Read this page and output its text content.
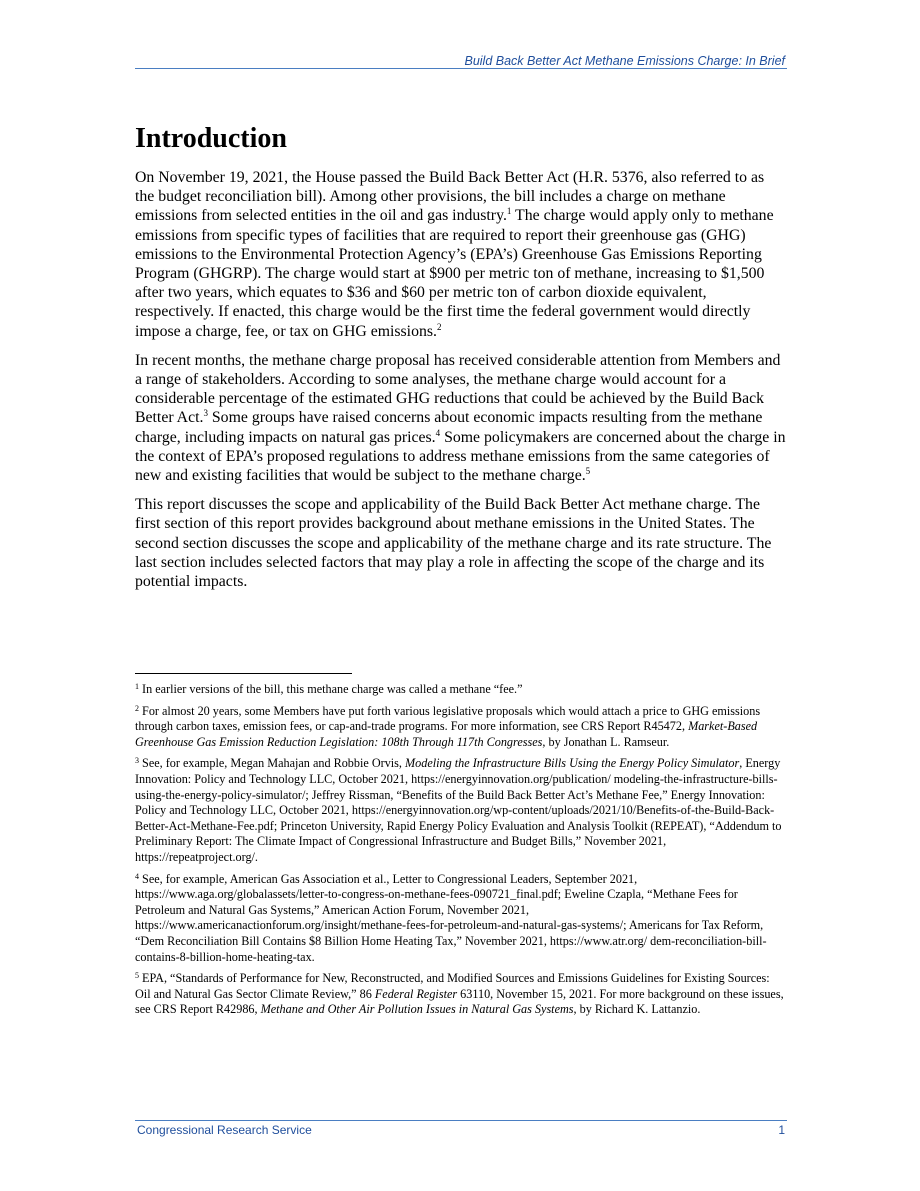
Build Back Better Act Methane Emissions Charge: In Brief
Introduction

On November 19, 2021, the House passed the Build Back Better Act (H.R. 5376, also referred to as the budget reconciliation bill). Among other provisions, the bill includes a charge on methane emissions from selected entities in the oil and gas industry.$^1$ The charge would apply only to methane emissions from specific types of facilities that are required to report their greenhouse gas (GHG) emissions to the Environmental Protection Agency’s (EPA’s) Greenhouse Gas Emissions Reporting Program (GHGRP). The charge would start at $900 per metric ton of methane, increasing to $1,500 after two years, which equates to $36 and $60 per metric ton of carbon dioxide equivalent, respectively. If enacted, this charge would be the first time the federal government would directly impose a charge, fee, or tax on GHG emissions.$^2$

In recent months, the methane charge proposal has received considerable attention from Members and a range of stakeholders. According to some analyses, the methane charge would account for a considerable percentage of the estimated GHG reductions that could be achieved by the Build Back Better Act.$^3$ Some groups have raised concerns about economic impacts resulting from the methane charge, including impacts on natural gas prices.$^4$ Some policymakers are concerned about the charge in the context of EPA’s proposed regulations to address methane emissions from the same categories of new and existing facilities that would be subject to the methane charge.$^5$

This report discusses the scope and applicability of the Build Back Better Act methane charge. The first section of this report provides background about methane emissions in the United States. The second section discusses the scope and applicability of the methane charge and its rate structure. The last section includes selected factors that may play a role in affecting the scope of the charge and its potential impacts.

$^1$ In earlier versions of the bill, this methane charge was called a methane “fee.”

$^2$ For almost 20 years, some Members have put forth various legislative proposals which would attach a price to GHG emissions through carbon taxes, emission fees, or cap-and-trade programs. For more information, see CRS Report R45472, Market-Based Greenhouse Gas Emission Reduction Legislation: 108th Through 117th Congresses, by Jonathan L. Ramseur.

$^3$ See, for example, Megan Mahajan and Robbie Orvis, Modeling the Infrastructure Bills Using the Energy Policy Simulator, Energy Innovation: Policy and Technology LLC, October 2021, https://energyinnovation.org/publication/ modeling-the-infrastructure-bills-using-the-energy-policy-simulator/; Jeffrey Rissman, “Benefits of the Build Back Better Act’s Methane Fee,” Energy Innovation: Policy and Technology LLC, October 2021, https://energyinnovation.org/wp-content/uploads/2021/10/Benefits-of-the-Build-Back-Better-Act-Methane-Fee.pdf; Princeton University, Rapid Energy Policy Evaluation and Analysis Toolkit (REPEAT), “Addendum to Preliminary Report: The Climate Impact of Congressional Infrastructure and Budget Bills,” November 2021, https://repeatproject.org/.

$^4$ See, for example, American Gas Association et al., Letter to Congressional Leaders, September 2021, https://www.aga.org/globalassets/letter-to-congress-on-methane-fees-090721_final.pdf; Eweline Czapla, “Methane Fees for Petroleum and Natural Gas Systems,” American Action Forum, November 2021, https://www.americanactionforum.org/insight/methane-fees-for-petroleum-and-natural-gas-systems/; Americans for Tax Reform, “Dem Reconciliation Bill Contains $8 Billion Home Heating Tax,” November 2021, https://www.atr.org/ dem-reconciliation-bill-contains-8-billion-home-heating-tax.

$^5$ EPA, “Standards of Performance for New, Reconstructed, and Modified Sources and Emissions Guidelines for Existing Sources: Oil and Natural Gas Sector Climate Review,” 86 Federal Register 63110, November 15, 2021. For more background on these issues, see CRS Report R42986, Methane and Other Air Pollution Issues in Natural Gas Systems, by Richard K. Lattanzio.

Congressional Research Service	1
